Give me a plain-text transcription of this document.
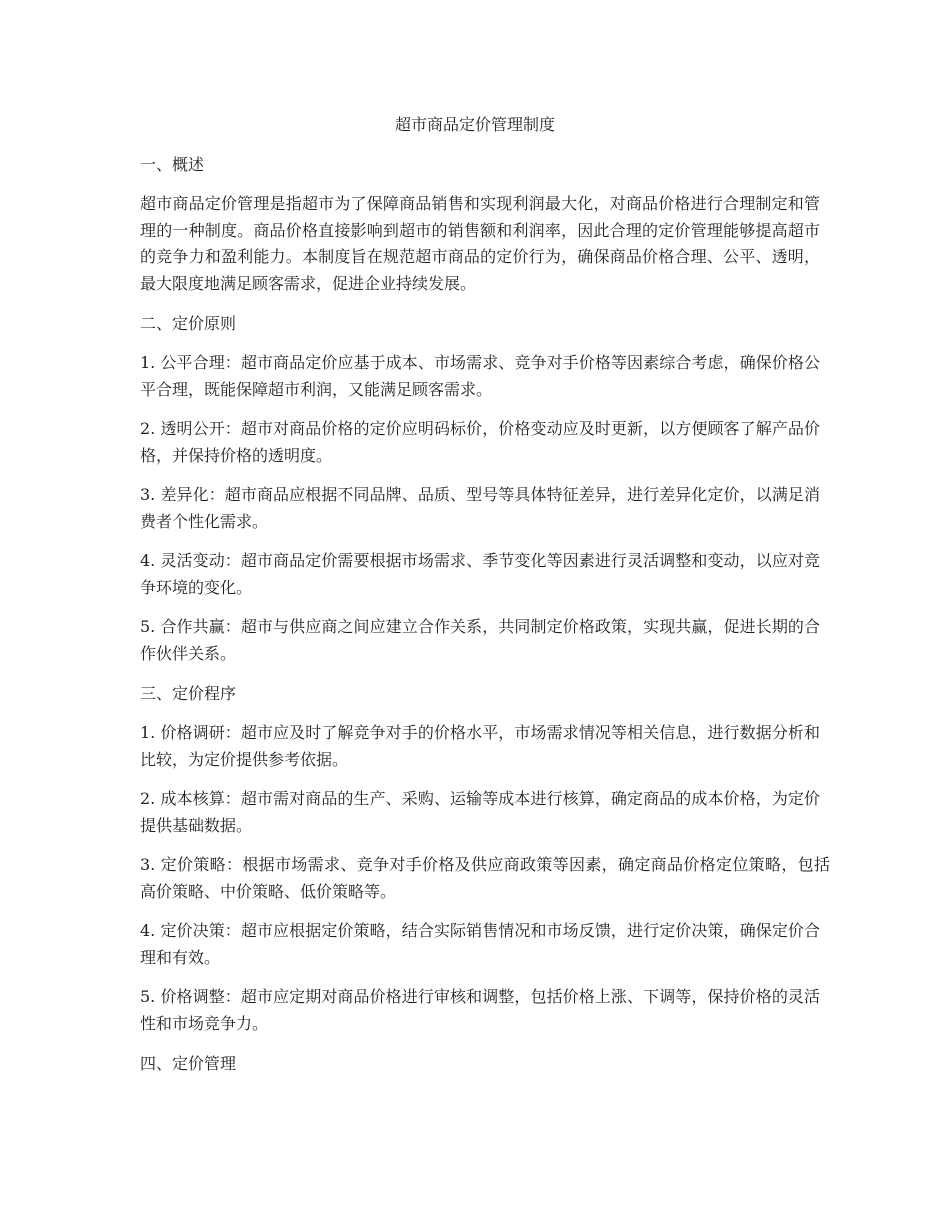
超市商品定价管理制度
一、概述

超市商品定价管理是指超市为了保障商品销售和实现利润最大化，对商品价格进行合理制定和管理的一种制度。商品价格直接影响到超市的销售额和利润率，因此合理的定价管理能够提高超市的竞争力和盈利能力。本制度旨在规范超市商品的定价行为，确保商品价格合理、公平、透明，最大限度地满足顾客需求，促进企业持续发展。

二、定价原则

1. 公平合理：超市商品定价应基于成本、市场需求、竞争对手价格等因素综合考虑，确保价格公平合理，既能保障超市利润，又能满足顾客需求。

2. 透明公开：超市对商品价格的定价应明码标价，价格变动应及时更新，以方便顾客了解产品价格，并保持价格的透明度。

3. 差异化：超市商品应根据不同品牌、品质、型号等具体特征差异，进行差异化定价，以满足消费者个性化需求。

4. 灵活变动：超市商品定价需要根据市场需求、季节变化等因素进行灵活调整和变动，以应对竞争环境的变化。

5. 合作共赢：超市与供应商之间应建立合作关系，共同制定价格政策，实现共赢，促进长期的合作伙伴关系。

三、定价程序

1. 价格调研：超市应及时了解竞争对手的价格水平，市场需求情况等相关信息，进行数据分析和比较，为定价提供参考依据。

2. 成本核算：超市需对商品的生产、采购、运输等成本进行核算，确定商品的成本价格，为定价提供基础数据。

3. 定价策略：根据市场需求、竞争对手价格及供应商政策等因素，确定商品价格定位策略，包括高价策略、中价策略、低价策略等。

4. 定价决策：超市应根据定价策略，结合实际销售情况和市场反馈，进行定价决策，确保定价合理和有效。

5. 价格调整：超市应定期对商品价格进行审核和调整，包括价格上涨、下调等，保持价格的灵活性和市场竞争力。

四、定价管理
